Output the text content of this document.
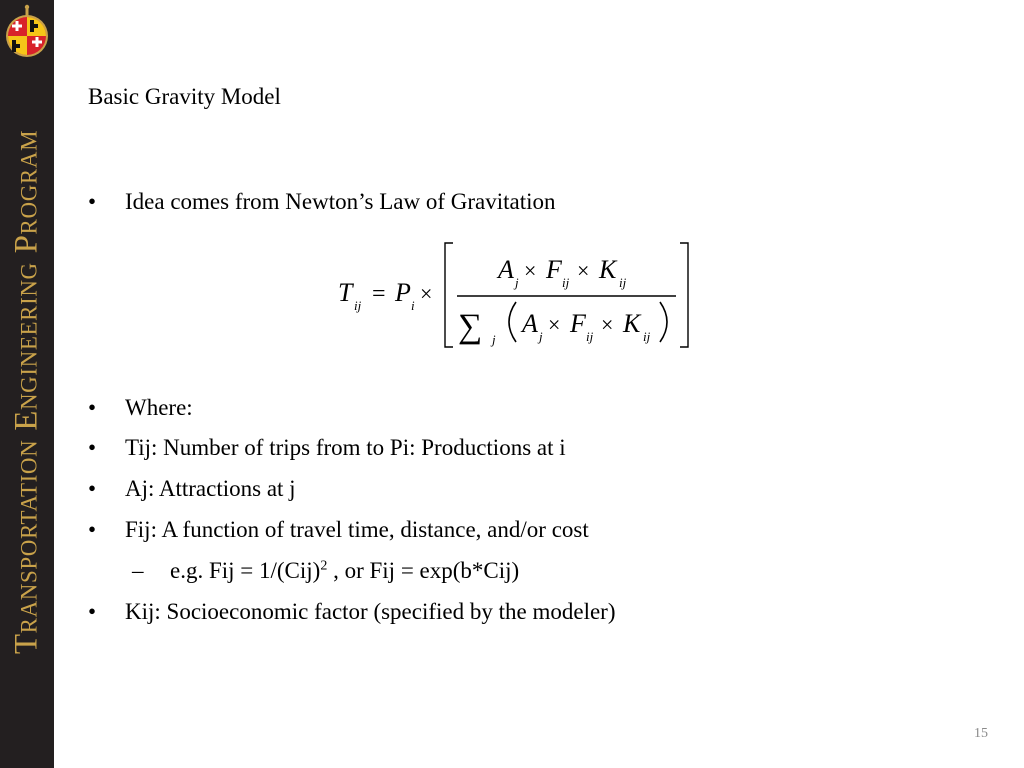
Transportation Engineering Program
Basic Gravity Model
• Idea comes from Newton’s Law of Gravitation
T ij = P i ×
A j × F ij × K ij
∑ j
A j × F ij × K ij
• Where:
• Tij: Number of trips from to Pi: Productions at i
• Aj: Attractions at j
• Fij: A function of travel time, distance, and/or cost
– e.g. Fij = 1/(Cij)$^2$ , or Fij = exp(b*Cij)
• Kij: Socioeconomic factor (specified by the modeler)
15
